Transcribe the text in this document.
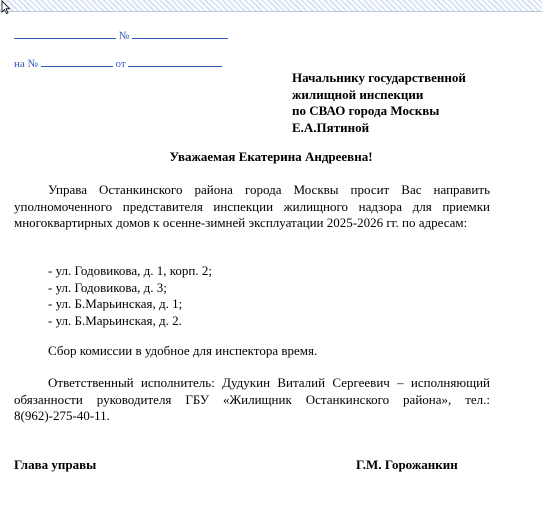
№
на №	от
Начальнику государственной
жилищной инспекции
по СВАО города Москвы
Е.А.Пятиной
Уважаемая Екатерина Андреевна!
Управа Останкинского района города Москвы просит Вас направить уполномоченного представителя инспекции жилищного надзора для приемки многоквартирных домов к осенне-зимней эксплуатации 2025-2026 гг. по адресам:
- ул. Годовикова, д. 1, корп. 2;
- ул. Годовикова, д. 3;
- ул. Б.Марьинская, д. 1;
- ул. Б.Марьинская, д. 2.
Сбор комиссии в удобное для инспектора время.
Ответственный исполнитель: Дудукин Виталий Сергеевич – исполняющий обязанности руководителя ГБУ «Жилищник Останкинского района», тел.: 8(962)-275-40-11.
Глава управы	Г.М. Горожанкин
